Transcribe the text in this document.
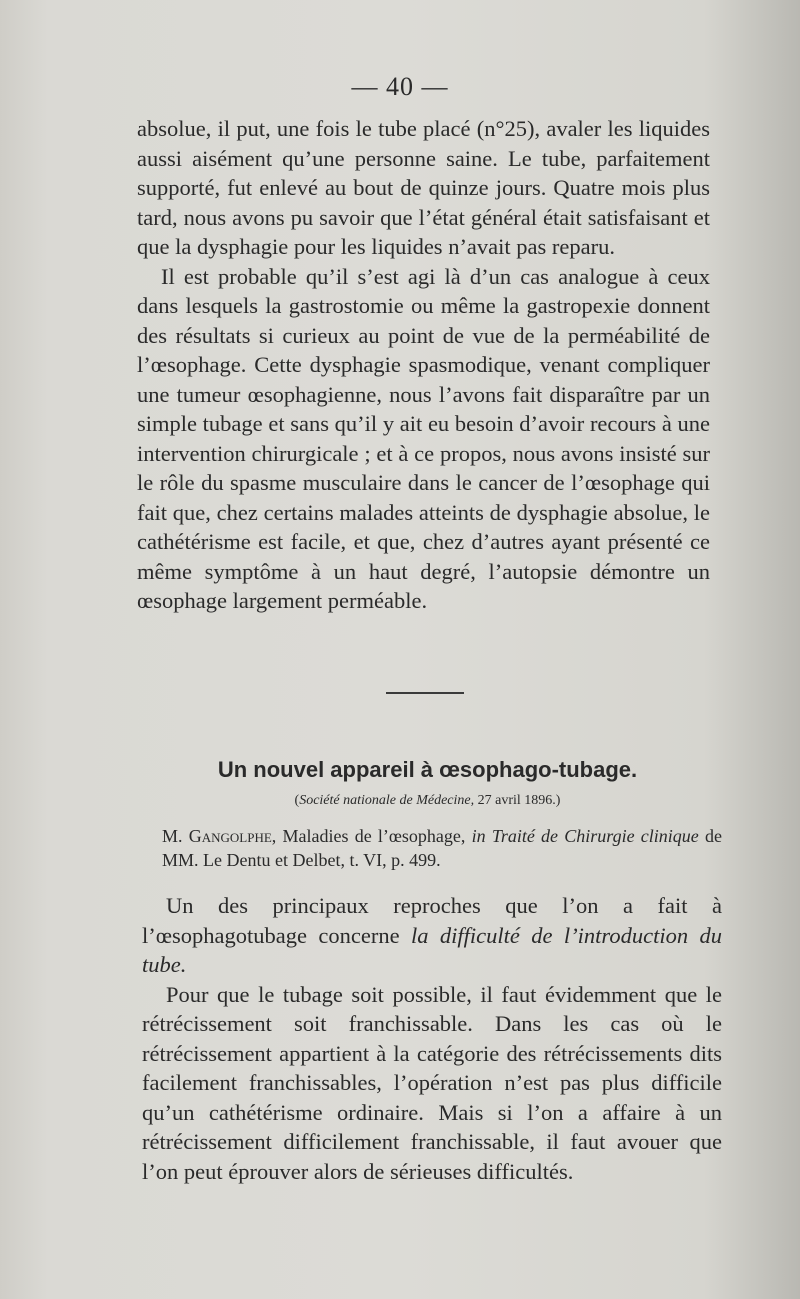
— 40 —

absolue, il put, une fois le tube placé (n°25), avaler les liquides aussi aisément qu’une personne saine. Le tube, parfaitement supporté, fut enlevé au bout de quinze jours. Quatre mois plus tard, nous avons pu savoir que l’état général était satisfaisant et que la dysphagie pour les liquides n’avait pas reparu.

Il est probable qu’il s’est agi là d’un cas analogue à ceux dans lesquels la gastrostomie ou même la gastropexie donnent des résultats si curieux au point de vue de la perméabilité de l’œsophage. Cette dysphagie spasmodique, venant compliquer une tumeur œsophagienne, nous l’avons fait disparaître par un simple tubage et sans qu’il y ait eu besoin d’avoir recours à une intervention chirurgicale ; et à ce propos, nous avons insisté sur le rôle du spasme musculaire dans le cancer de l’œsophage qui fait que, chez certains malades atteints de dysphagie absolue, le cathétérisme est facile, et que, chez d’autres ayant présenté ce même symptôme à un haut degré, l’autopsie démontre un œsophage largement perméable.

Un nouvel appareil à œsophago-tubage.
(Société nationale de Médecine, 27 avril 1896.)
M. Gangolphe, Maladies de l’œsophage, in Traité de Chirurgie clinique de MM. Le Dentu et Delbet, t. VI, p. 499.

Un des principaux reproches que l’on a fait à l’œsophagotubage concerne la difficulté de l’introduction du tube.

Pour que le tubage soit possible, il faut évidemment que le rétrécissement soit franchissable. Dans les cas où le rétrécissement appartient à la catégorie des rétrécissements dits facilement franchissables, l’opération n’est pas plus difficile qu’un cathétérisme ordinaire. Mais si l’on a affaire à un rétrécissement difficilement franchissable, il faut avouer que l’on peut éprouver alors de sérieuses difficultés.
